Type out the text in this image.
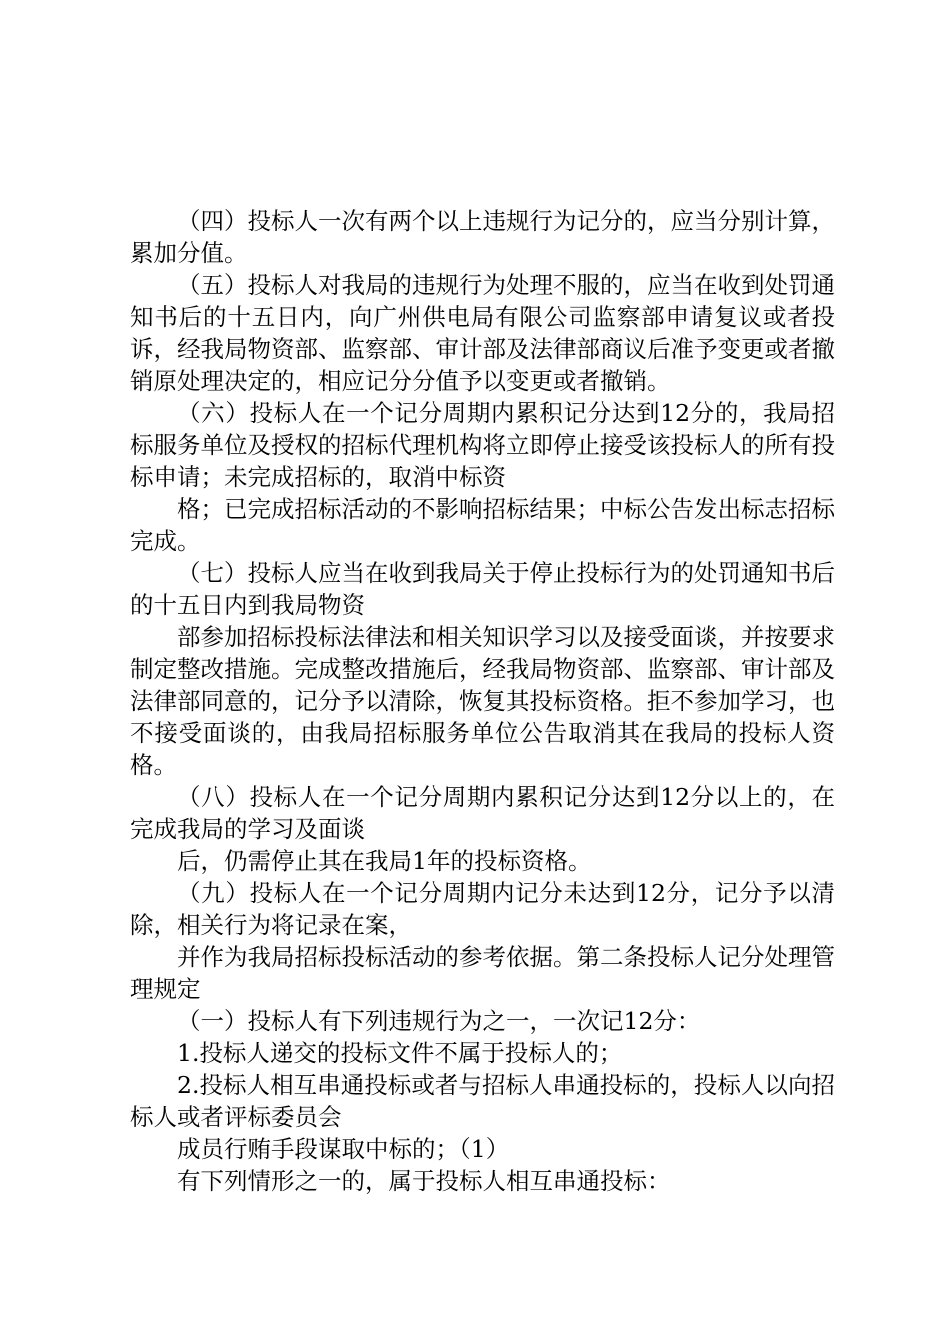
（四）投标人一次有两个以上违规行为记分的，应当分别计算，累加分值。

（五）投标人对我局的违规行为处理不服的，应当在收到处罚通知书后的十五日内，向广州供电局有限公司监察部申请复议或者投诉，经我局物资部、监察部、审计部及法律部商议后准予变更或者撤销原处理决定的，相应记分分值予以变更或者撤销。

（六）投标人在一个记分周期内累积记分达到12分的，我局招标服务单位及授权的招标代理机构将立即停止接受该投标人的所有投标申请；未完成招标的，取消中标资

格；已完成招标活动的不影响招标结果；中标公告发出标志招标完成。

（七）投标人应当在收到我局关于停止投标行为的处罚通知书后的十五日内到我局物资

部参加招标投标法律法和相关知识学习以及接受面谈，并按要求制定整改措施。完成整改措施后，经我局物资部、监察部、审计部及法律部同意的，记分予以清除，恢复其投标资格。拒不参加学习，也不接受面谈的，由我局招标服务单位公告取消其在我局的投标人资格。

（八）投标人在一个记分周期内累积记分达到12分以上的，在完成我局的学习及面谈

后，仍需停止其在我局1年的投标资格。

（九）投标人在一个记分周期内记分未达到12分，记分予以清除，相关行为将记录在案，

并作为我局招标投标活动的参考依据。第二条投标人记分处理管理规定

（一）投标人有下列违规行为之一，一次记12分：

1.投标人递交的投标文件不属于投标人的；

2.投标人相互串通投标或者与招标人串通投标的，投标人以向招标人或者评标委员会

成员行贿手段谋取中标的；（1）

有下列情形之一的，属于投标人相互串通投标：
